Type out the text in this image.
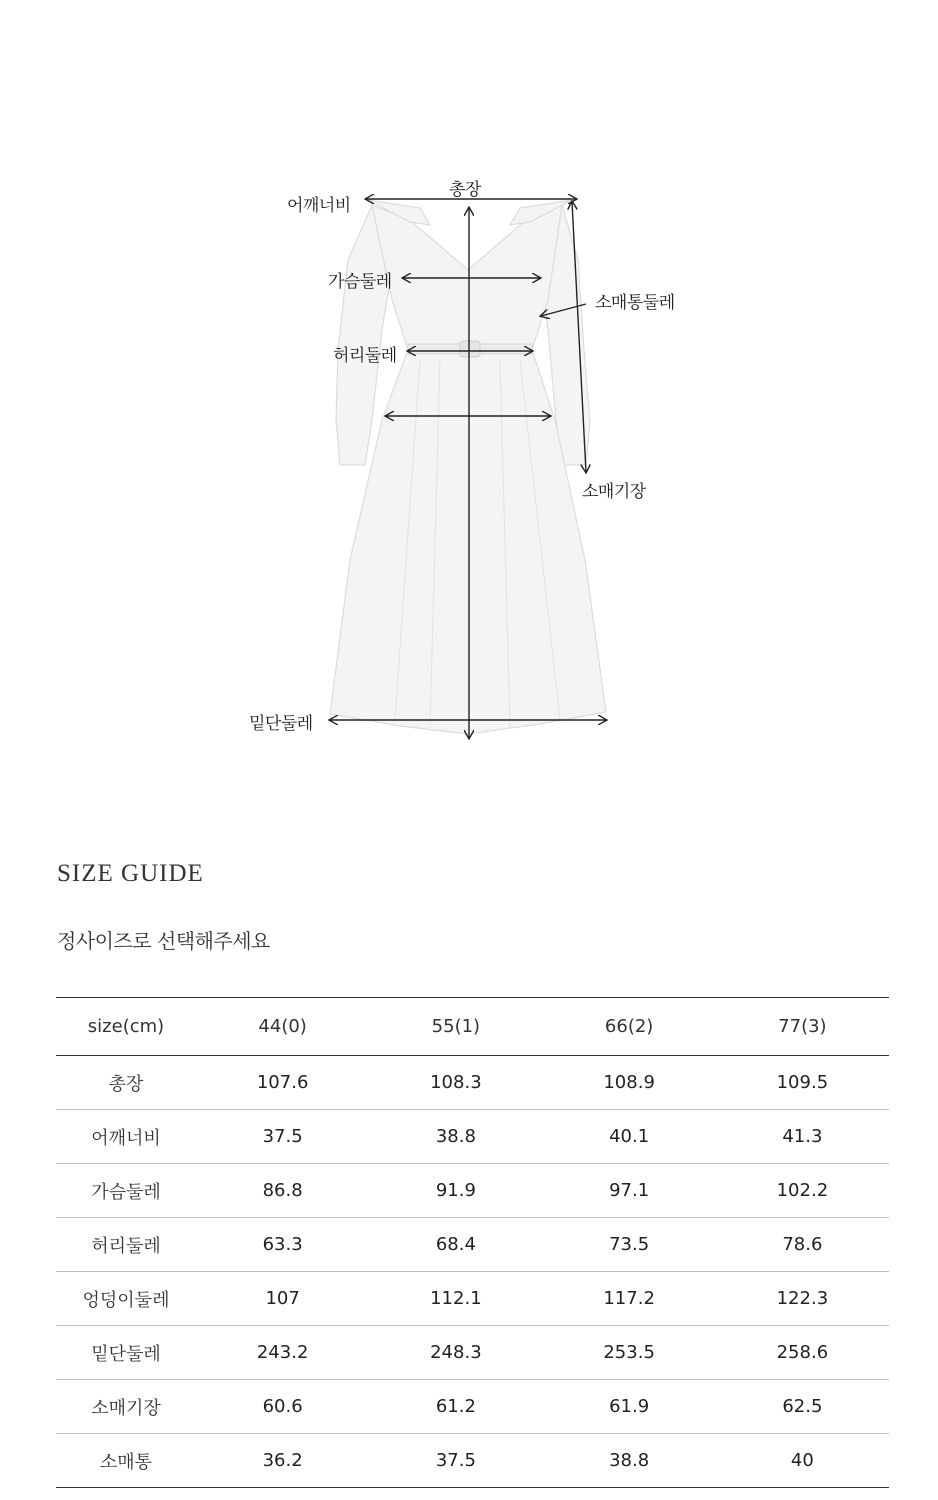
총장
어깨너비
가슴둘레
소매통둘레
허리둘레
소매기장
밑단둘레
SIZE GUIDE
정사이즈로 선택해주세요
size(cm)	44(0)	55(1)	66(2)	77(3)
총장	107.6	108.3	108.9	109.5
어깨너비	37.5	38.8	40.1	41.3
가슴둘레	86.8	91.9	97.1	102.2
허리둘레	63.3	68.4	73.5	78.6
엉덩이둘레	107	112.1	117.2	122.3
밑단둘레	243.2	248.3	253.5	258.6
소매기장	60.6	61.2	61.9	62.5
소매통	36.2	37.5	38.8	40
